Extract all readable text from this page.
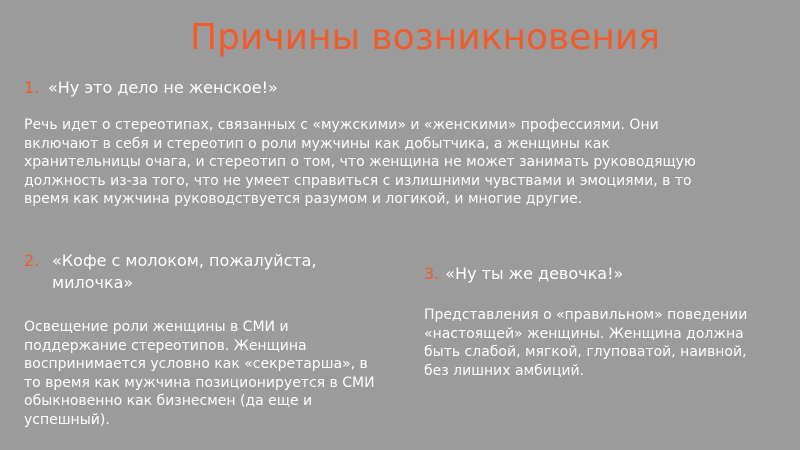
Причины возникновения
1. «Ну это дело не женское!»
Речь идет о стереотипах, связанных с «мужскими» и «женскими» профессиями. Они включают в себя и стереотип о роли мужчины как добытчика, а женщины как хранительницы очага, и стереотип о том, что женщина не может занимать руководящую должность из-за того, что не умеет справиться с излишними чувствами и эмоциями, в то время как мужчина руководствуется разумом и логикой, и многие другие.
2. «Кофе с молоком, пожалуйста, милочка»
Освещение роли женщины в СМИ и поддержание стереотипов. Женщина воспринимается условно как «секретарша», в то время как мужчина позиционируется в СМИ обыкновенно как бизнесмен (да еще и успешный).
3. «Ну ты же девочка!»
Представления о «правильном» поведении «настоящей» женщины. Женщина должна быть слабой, мягкой, глуповатой, наивной, без лишних амбиций.
